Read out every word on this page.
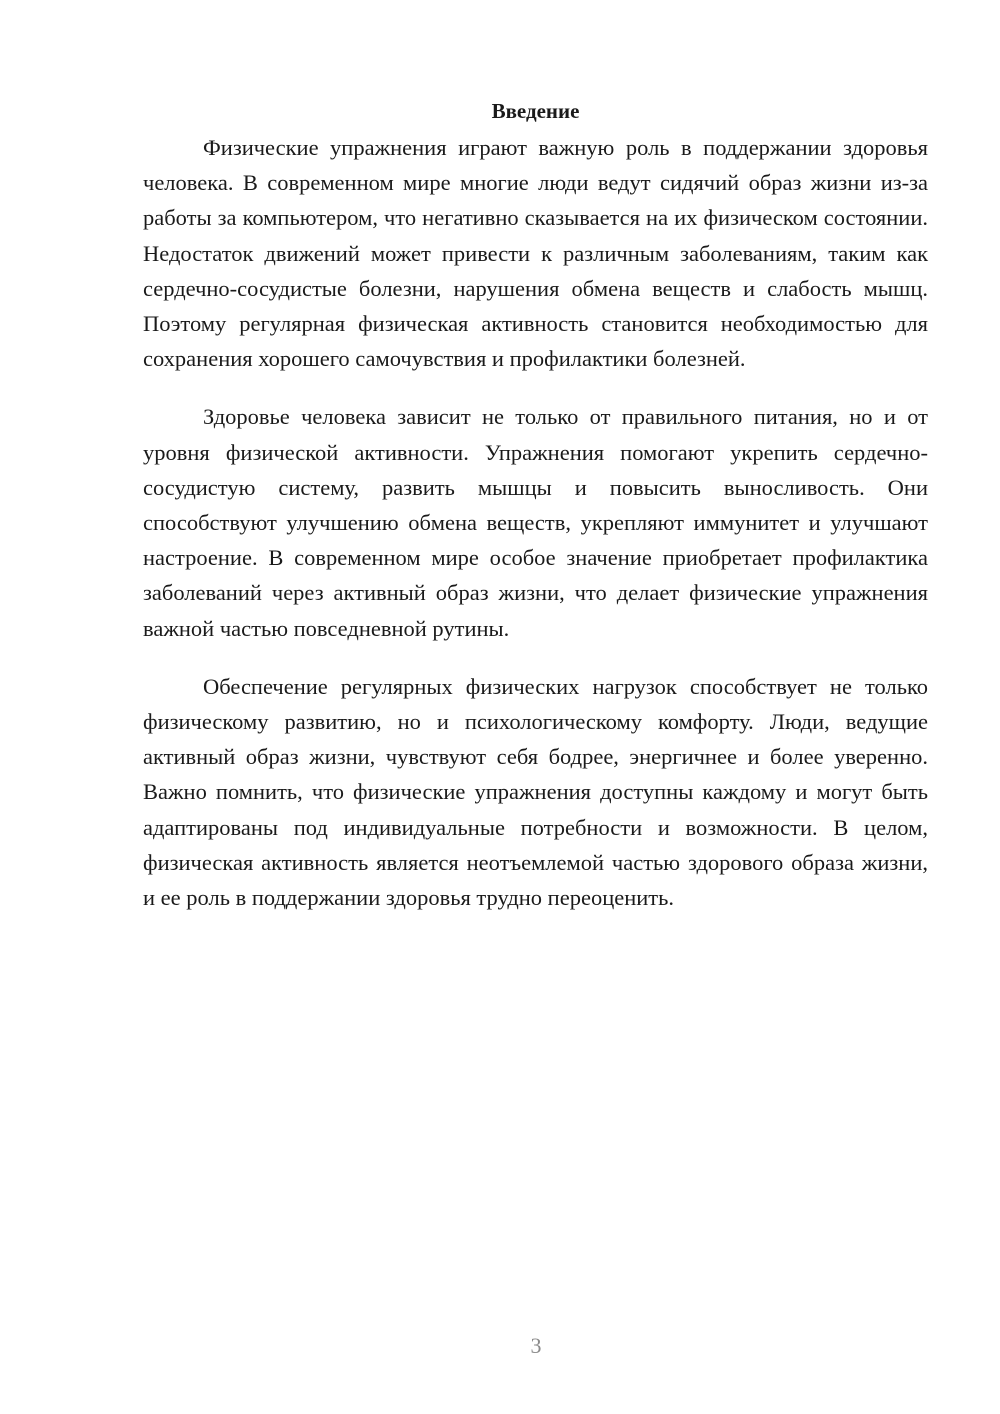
Введение

Физические упражнения играют важную роль в поддержании здоровья человека. В современном мире многие люди ведут сидячий образ жизни из-за работы за компьютером, что негативно сказывается на их физическом состоянии. Недостаток движений может привести к различным заболеваниям, таким как сердечно-сосудистые болезни, нарушения обмена веществ и слабость мышц. Поэтому регулярная физическая активность становится необходимостью для сохранения хорошего самочувствия и профилактики болезней.

Здоровье человека зависит не только от правильного питания, но и от уровня физической активности. Упражнения помогают укрепить сердечно-сосудистую систему, развить мышцы и повысить выносливость. Они способствуют улучшению обмена веществ, укрепляют иммунитет и улучшают настроение. В современном мире особое значение приобретает профилактика заболеваний через активный образ жизни, что делает физические упражнения важной частью повседневной рутины.

Обеспечение регулярных физических нагрузок способствует не только физическому развитию, но и психологическому комфорту. Люди, ведущие активный образ жизни, чувствуют себя бодрее, энергичнее и более уверенно. Важно помнить, что физические упражнения доступны каждому и могут быть адаптированы под индивидуальные потребности и возможности. В целом, физическая активность является неотъемлемой частью здорового образа жизни, и ее роль в поддержании здоровья трудно переоценить.

3
